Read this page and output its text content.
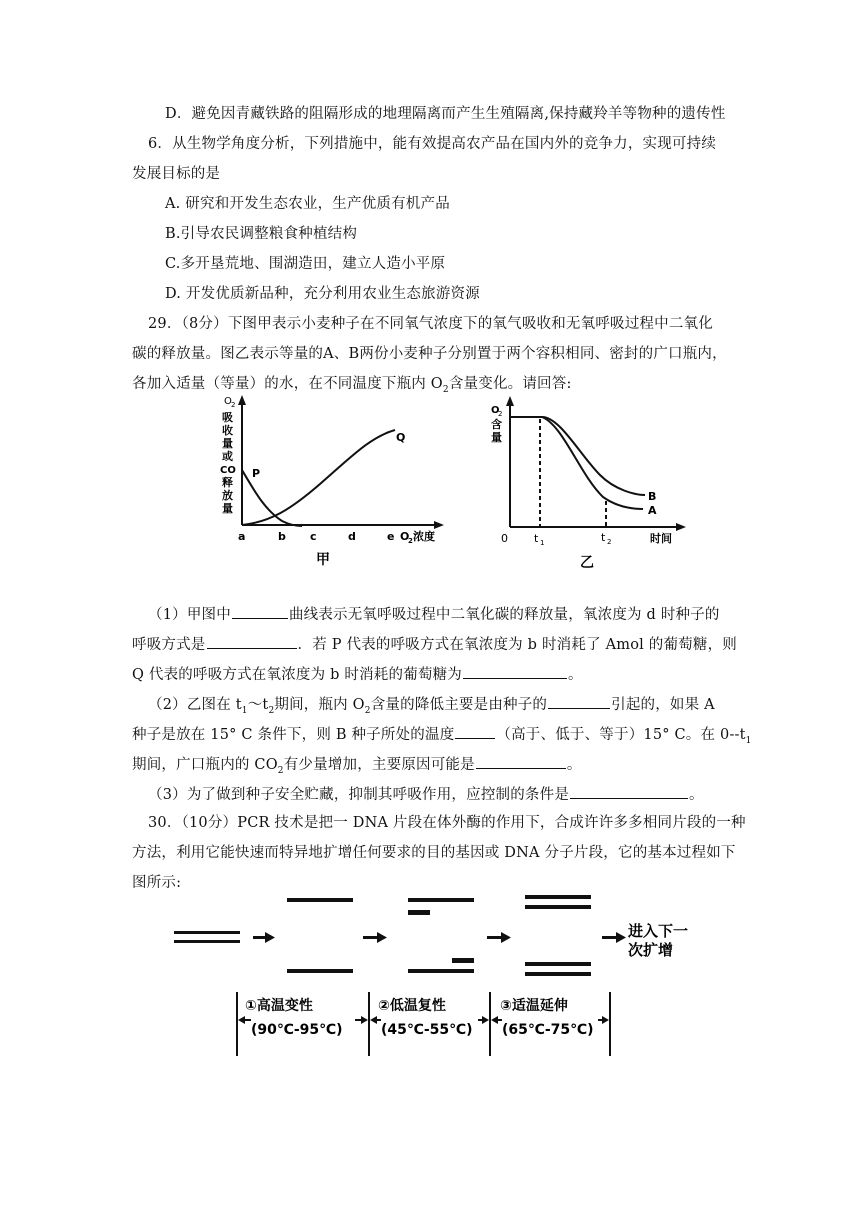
D．避免因青藏铁路的阻隔形成的地理隔离而产生生殖隔离,保持藏羚羊等物种的遗传性
6．从生物学角度分析，下列措施中，能有效提高农产品在国内外的竞争力，实现可持续
发展目标的是
A. 研究和开发生态农业，生产优质有机产品
B.引导农民调整粮食种植结构
C.多开垦荒地、围湖造田，建立人造小平原
D. 开发优质新品种，充分利用农业生态旅游资源
29．（8分）下图甲表示小麦种子在不同氧气浓度下的氧气吸收和无氧呼吸过程中二氧化
碳的释放量。图乙表示等量的A、B两份小麦种子分别置于两个容积相同、密封的广口瓶内，
各加入适量（等量）的水，在不同温度下瓶内 $O_2$含量变化。请回答:
O 2
吸
收
量
或
CO
释
放
量
P
Q
a	b c	d	e O
2 浓度
甲
O
2
含
量
B
A
0 t 1	t 2	时间
乙
（1）甲图中	曲线表示无氧呼吸过程中二氧化碳的释放量，氧浓度为 d 时种子的
呼吸方式是	．若 P 代表的呼吸方式在氧浓度为 b 时消耗了 Amol 的葡萄糖，则
Q 代表的呼吸方式在氧浓度为 b 时消耗的葡萄糖为	。
（2）乙图在 $t_1\sim t_2$期间，瓶内 $O_2$含量的降低主要是由种子的	引起的，如果 A
种子是放在 15° C 条件下，则 B 种子所处的温度	（高于、低于、等于）15° C。在 $0--t_1$
期间，广口瓶内的 $CO_2$有少量增加，主要原因可能是	。
（3）为了做到种子安全贮藏，抑制其呼吸作用，应控制的条件是	。
30．（10分）PCR 技术是把一 DNA 片段在体外酶的作用下，合成许许多多相同片段的一种
方法，利用它能快速而特异地扩增任何要求的目的基因或 DNA 分子片段，它的基本过程如下
图所示:
进入下一
次扩增
①高温变性
(90℃-95℃)
②低温复性
(45℃-55℃)
③适温延伸
(65℃-75℃)
